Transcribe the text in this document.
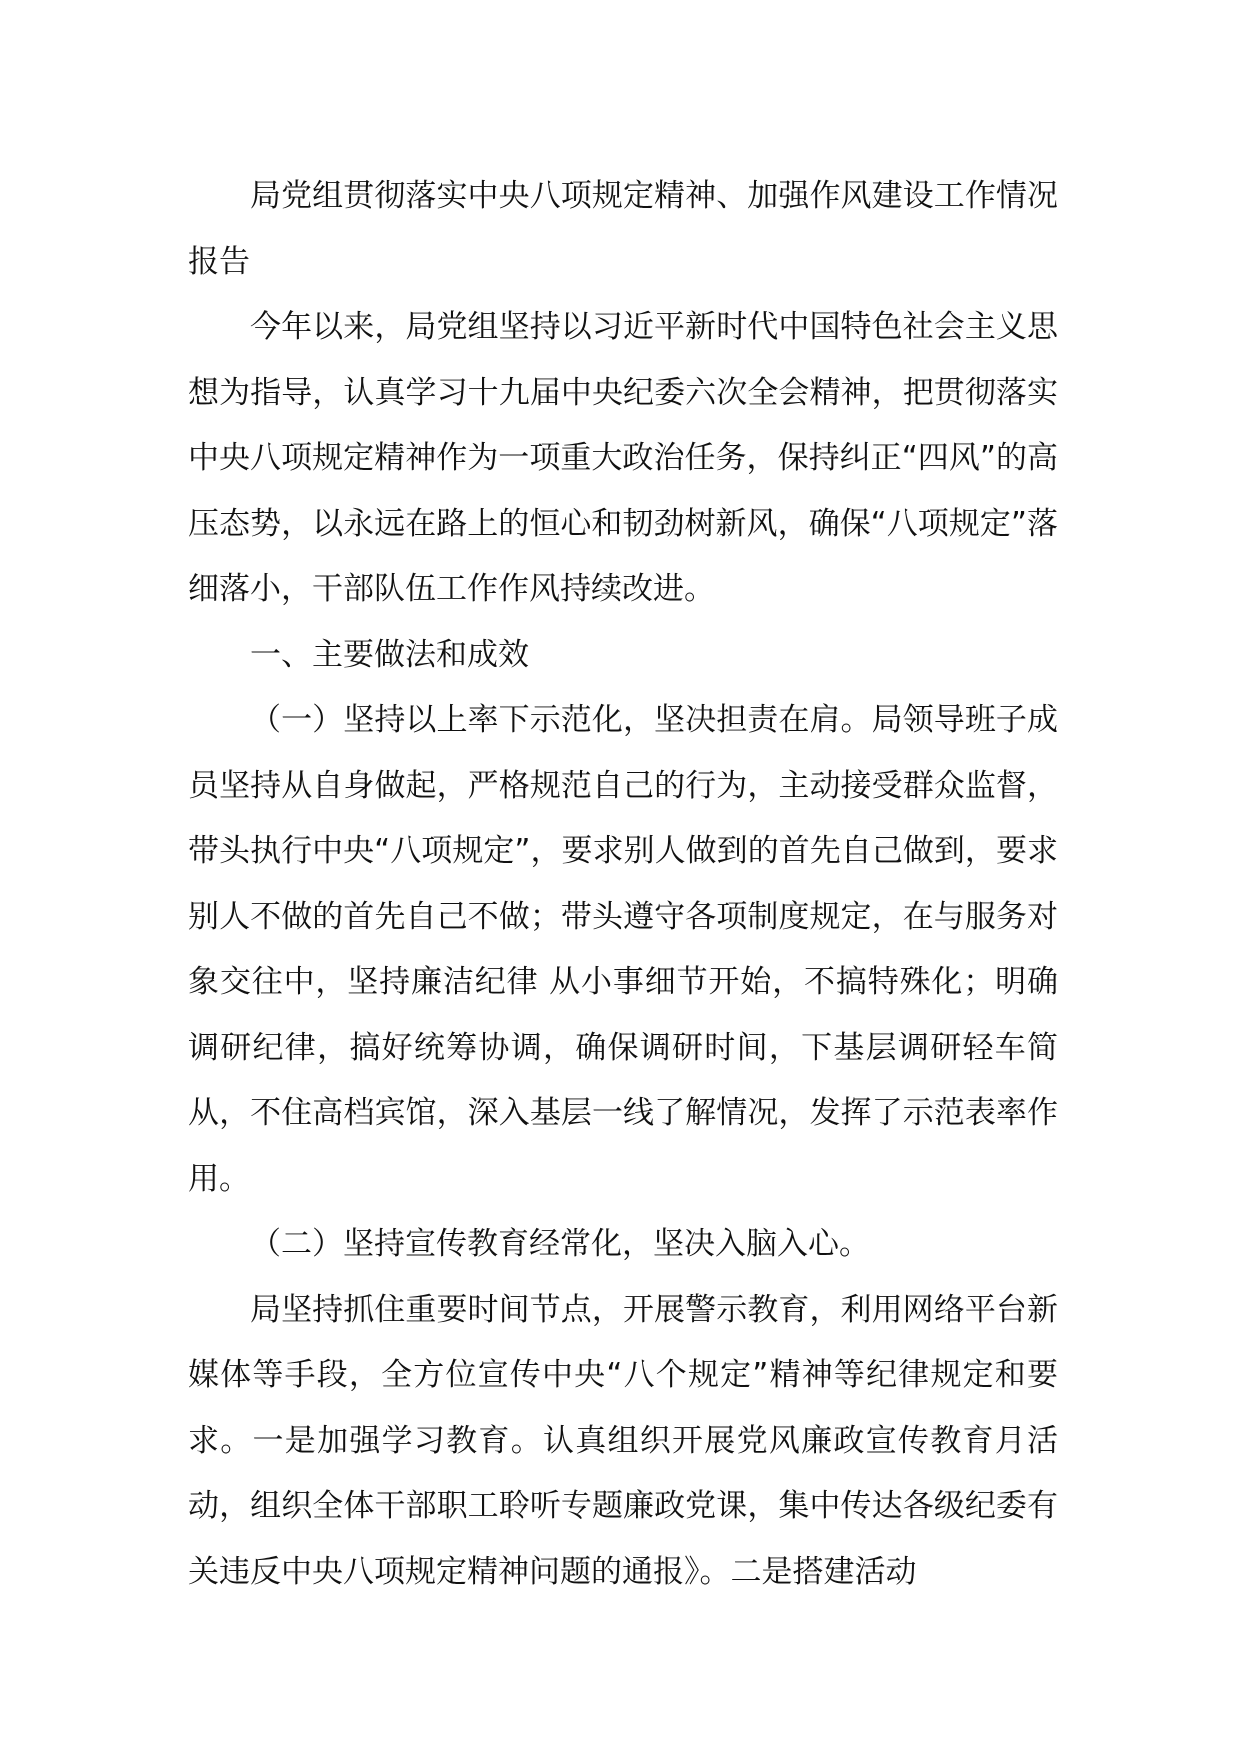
局党组贯彻落实中央八项规定精神、加强作风建设工作情况报告

今年以来，局党组坚持以习近平新时代中国特色社会主义思想为指导，认真学习十九届中央纪委六次全会精神，把贯彻落实中央八项规定精神作为一项重大政治任务，保持纠正“四风”的高压态势，以永远在路上的恒心和韧劲树新风，确保“八项规定”落细落小，干部队伍工作作风持续改进。

一、主要做法和成效

（一）坚持以上率下示范化，坚决担责在肩。局领导班子成员坚持从自身做起，严格规范自己的行为，主动接受群众监督，带头执行中央“八项规定”，要求别人做到的首先自己做到，要求别人不做的首先自己不做；带头遵守各项制度规定，在与服务对象交往中，坚持廉洁纪律 从小事细节开始，不搞特殊化；明确调研纪律，搞好统筹协调，确保调研时间，下基层调研轻车简从，不住高档宾馆，深入基层一线了解情况，发挥了示范表率作用。

（二）坚持宣传教育经常化，坚决入脑入心。

局坚持抓住重要时间节点，开展警示教育，利用网络平台新媒体等手段，全方位宣传中央“八个规定”精神等纪律规定和要求。一是加强学习教育。认真组织开展党风廉政宣传教育月活动，组织全体干部职工聆听专题廉政党课，集中传达各级纪委有关违反中央八项规定精神问题的通报》。二是搭建活动
